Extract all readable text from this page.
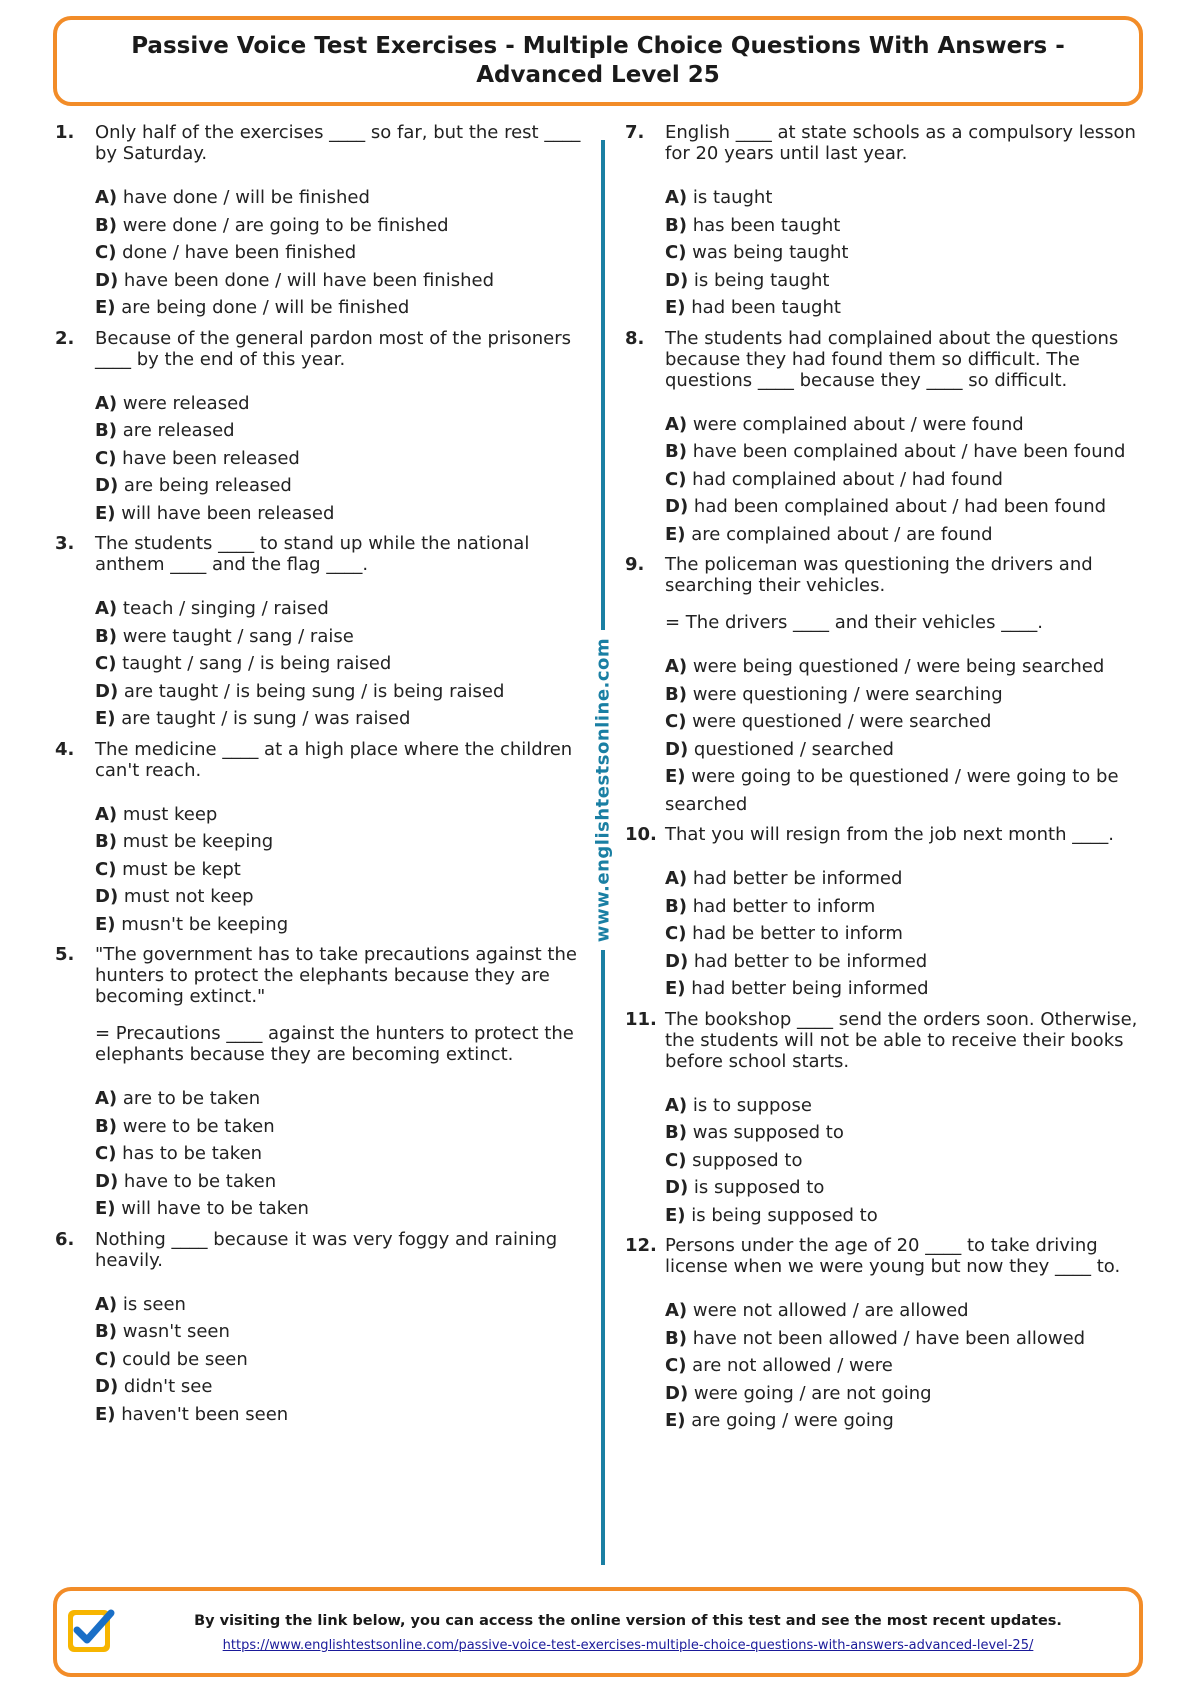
Passive Voice Test Exercises - Multiple Choice Questions With Answers - Advanced Level 25
1.	Only half of the exercises ____ so far, but the rest ____ by Saturday.

A) have done / will be finished
B) were done / are going to be finished
C) done / have been finished
D) have been done / will have been finished
E) are being done / will be finished
2.	Because of the general pardon most of the prisoners ____ by the end of this year.

A) were released
B) are released
C) have been released
D) are being released
E) will have been released
3.	The students ____ to stand up while the national anthem ____ and the flag ____.

A) teach / singing / raised
B) were taught / sang / raise
C) taught / sang / is being raised
D) are taught / is being sung / is being raised
E) are taught / is sung / was raised
4.	The medicine ____ at a high place where the children can't reach.

A) must keep
B) must be keeping
C) must be kept
D) must not keep
E) musn't be keeping
5.	"The government has to take precautions against the hunters to protect the elephants because they are becoming extinct."

= Precautions ____ against the hunters to protect the elephants because they are becoming extinct.

A) are to be taken
B) were to be taken
C) has to be taken
D) have to be taken
E) will have to be taken
6.	Nothing ____ because it was very foggy and raining heavily.

A) is seen
B) wasn't seen
C) could be seen
D) didn't see
E) haven't been seen
www.englishtestsonline.com
7.	English ____ at state schools as a compulsory lesson for 20 years until last year.

A) is taught
B) has been taught
C) was being taught
D) is being taught
E) had been taught
8.	The students had complained about the questions because they had found them so difficult. The questions ____ because they ____ so difficult.

A) were complained about / were found
B) have been complained about / have been found
C) had complained about / had found
D) had been complained about / had been found
E) are complained about / are found
9.	The policeman was questioning the drivers and searching their vehicles.

= The drivers ____ and their vehicles ____.

A) were being questioned / were being searched
B) were questioning / were searching
C) were questioned / were searched
D) questioned / searched
E) were going to be questioned / were going to be searched
10. That you will resign from the job next month ____.

A) had better be informed
B) had better to inform
C) had be better to inform
D) had better to be informed
E) had better being informed
11. The bookshop ____ send the orders soon. Otherwise, the students will not be able to receive their books before school starts.

A) is to suppose
B) was supposed to
C) supposed to
D) is supposed to
E) is being supposed to
12. Persons under the age of 20 ____ to take driving license when we were young but now they ____ to.

A) were not allowed / are allowed
B) have not been allowed / have been allowed
C) are not allowed / were
D) were going / are not going
E) are going / were going
By visiting the link below, you can access the online version of this test and see the most recent updates.
https://www.englishtestsonline.com/passive-voice-test-exercises-multiple-choice-questions-with-answers-advanced-level-25/
